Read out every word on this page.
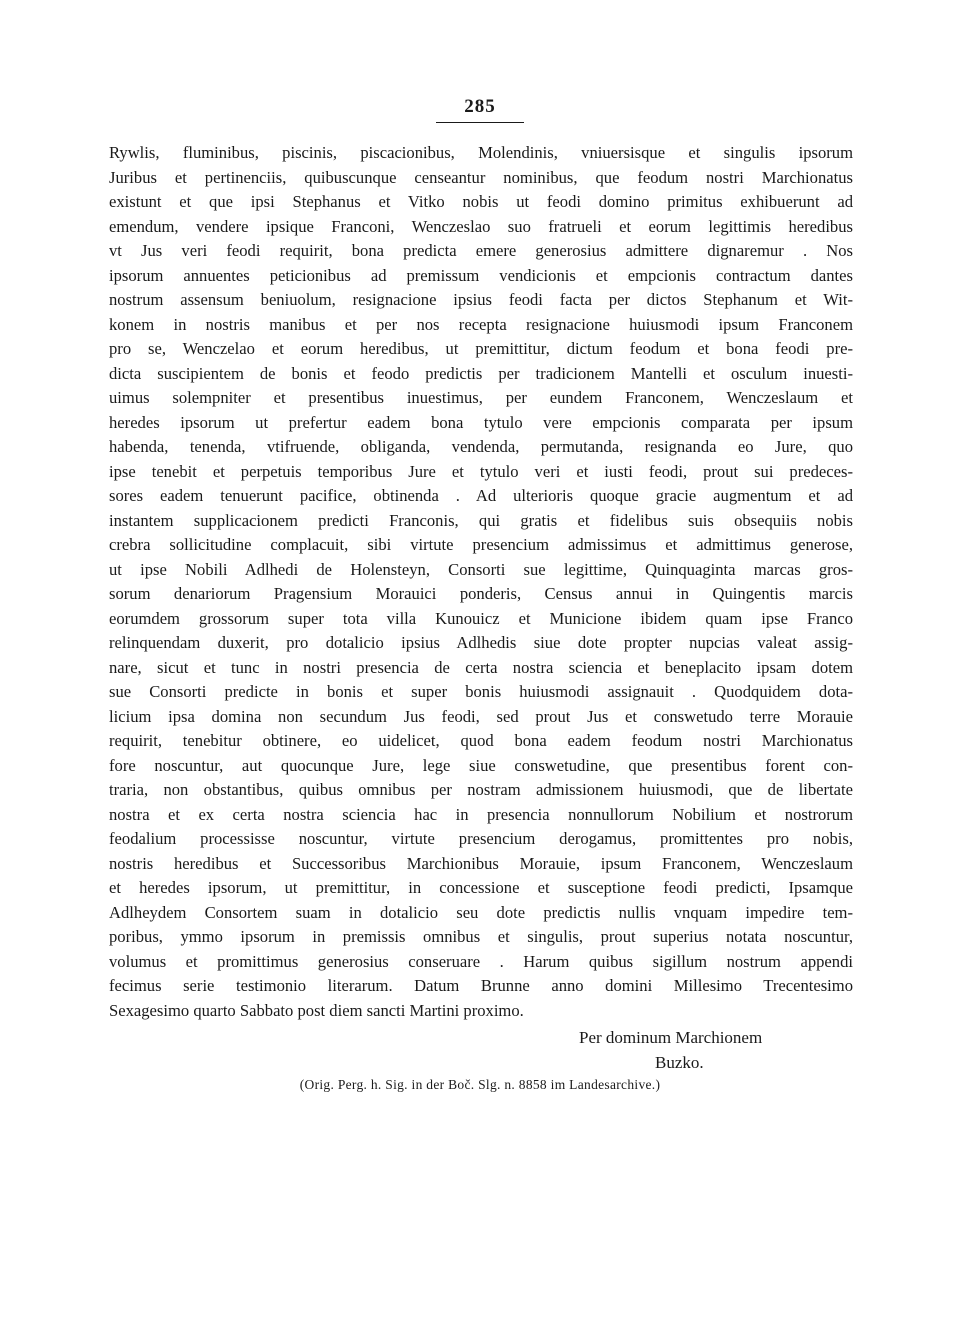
285
Rywlis, fluminibus, piscinis, piscacionibus, Molendinis, vniuersisque et singulis ipsorum
Juribus et pertinenciis, quibuscunque censeantur nominibus, que feodum nostri Marchionatus
existunt et que ipsi Stephanus et Vitko nobis ut feodi domino primitus exhibuerunt ad
emendum, vendere ipsique Franconi, Wenczeslao suo fratrueli et eorum legittimis heredibus
vt Jus veri feodi requirit, bona predicta emere generosius admittere dignaremur . Nos
ipsorum annuentes peticionibus ad premissum vendicionis et empcionis contractum dantes
nostrum assensum beniuolum, resignacione ipsius feodi facta per dictos Stephanum et Wit-
konem in nostris manibus et per nos recepta resignacione huiusmodi ipsum Franconem
pro se, Wenczelao et eorum heredibus, ut premittitur, dictum feodum et bona feodi pre-
dicta suscipientem de bonis et feodo predictis per tradicionem Mantelli et osculum inuesti-
uimus solempniter et presentibus inuestimus, per eundem Franconem, Wenczeslaum et
heredes ipsorum ut prefertur eadem bona tytulo vere empcionis comparata per ipsum
habenda, tenenda, vtifruende, obliganda, vendenda, permutanda, resignanda eo Jure, quo
ipse tenebit et perpetuis temporibus Jure et tytulo veri et iusti feodi, prout sui predeces-
sores eadem tenuerunt pacifice, obtinenda . Ad ulterioris quoque gracie augmentum et ad
instantem supplicacionem predicti Franconis, qui gratis et fidelibus suis obsequiis nobis
crebra sollicitudine complacuit, sibi virtute presencium admissimus et admittimus generose,
ut ipse Nobili Adlhedi de Holensteyn, Consorti sue legittime, Quinquaginta marcas gros-
sorum denariorum Pragensium Morauici ponderis, Census annui in Quingentis marcis
eorumdem grossorum super tota villa Kunouicz et Municione ibidem quam ipse Franco
relinquendam duxerit, pro dotalicio ipsius Adlhedis siue dote propter nupcias valeat assig-
nare, sicut et tunc in nostri presencia de certa nostra sciencia et beneplacito ipsam dotem
sue Consorti predicte in bonis et super bonis huiusmodi assignauit . Quodquidem dota-
licium ipsa domina non secundum Jus feodi, sed prout Jus et conswetudo terre Morauie
requirit, tenebitur obtinere, eo uidelicet, quod bona eadem feodum nostri Marchionatus
fore noscuntur, aut quocunque Jure, lege siue conswetudine, que presentibus forent con-
traria, non obstantibus, quibus omnibus per nostram admissionem huiusmodi, que de libertate
nostra et ex certa nostra sciencia hac in presencia nonnullorum Nobilium et nostrorum
feodalium processisse noscuntur, virtute presencium derogamus, promittentes pro nobis,
nostris heredibus et Successoribus Marchionibus Morauie, ipsum Franconem, Wenczeslaum
et heredes ipsorum, ut premittitur, in concessione et susceptione feodi predicti, Ipsamque
Adlheydem Consortem suam in dotalicio seu dote predictis nullis vnquam impedire tem-
poribus, ymmo ipsorum in premissis omnibus et singulis, prout superius notata noscuntur,
volumus et promittimus generosius conseruare . Harum quibus sigillum nostrum appendi
fecimus serie testimonio literarum. Datum Brunne anno domini Millesimo Trecentesimo
Sexagesimo quarto Sabbato post diem sancti Martini proximo.
Per dominum Marchionem
Buzko.
(Orig. Perg. h. Sig. in der Boč. Slg. n. 8858 im Landesarchive.)
